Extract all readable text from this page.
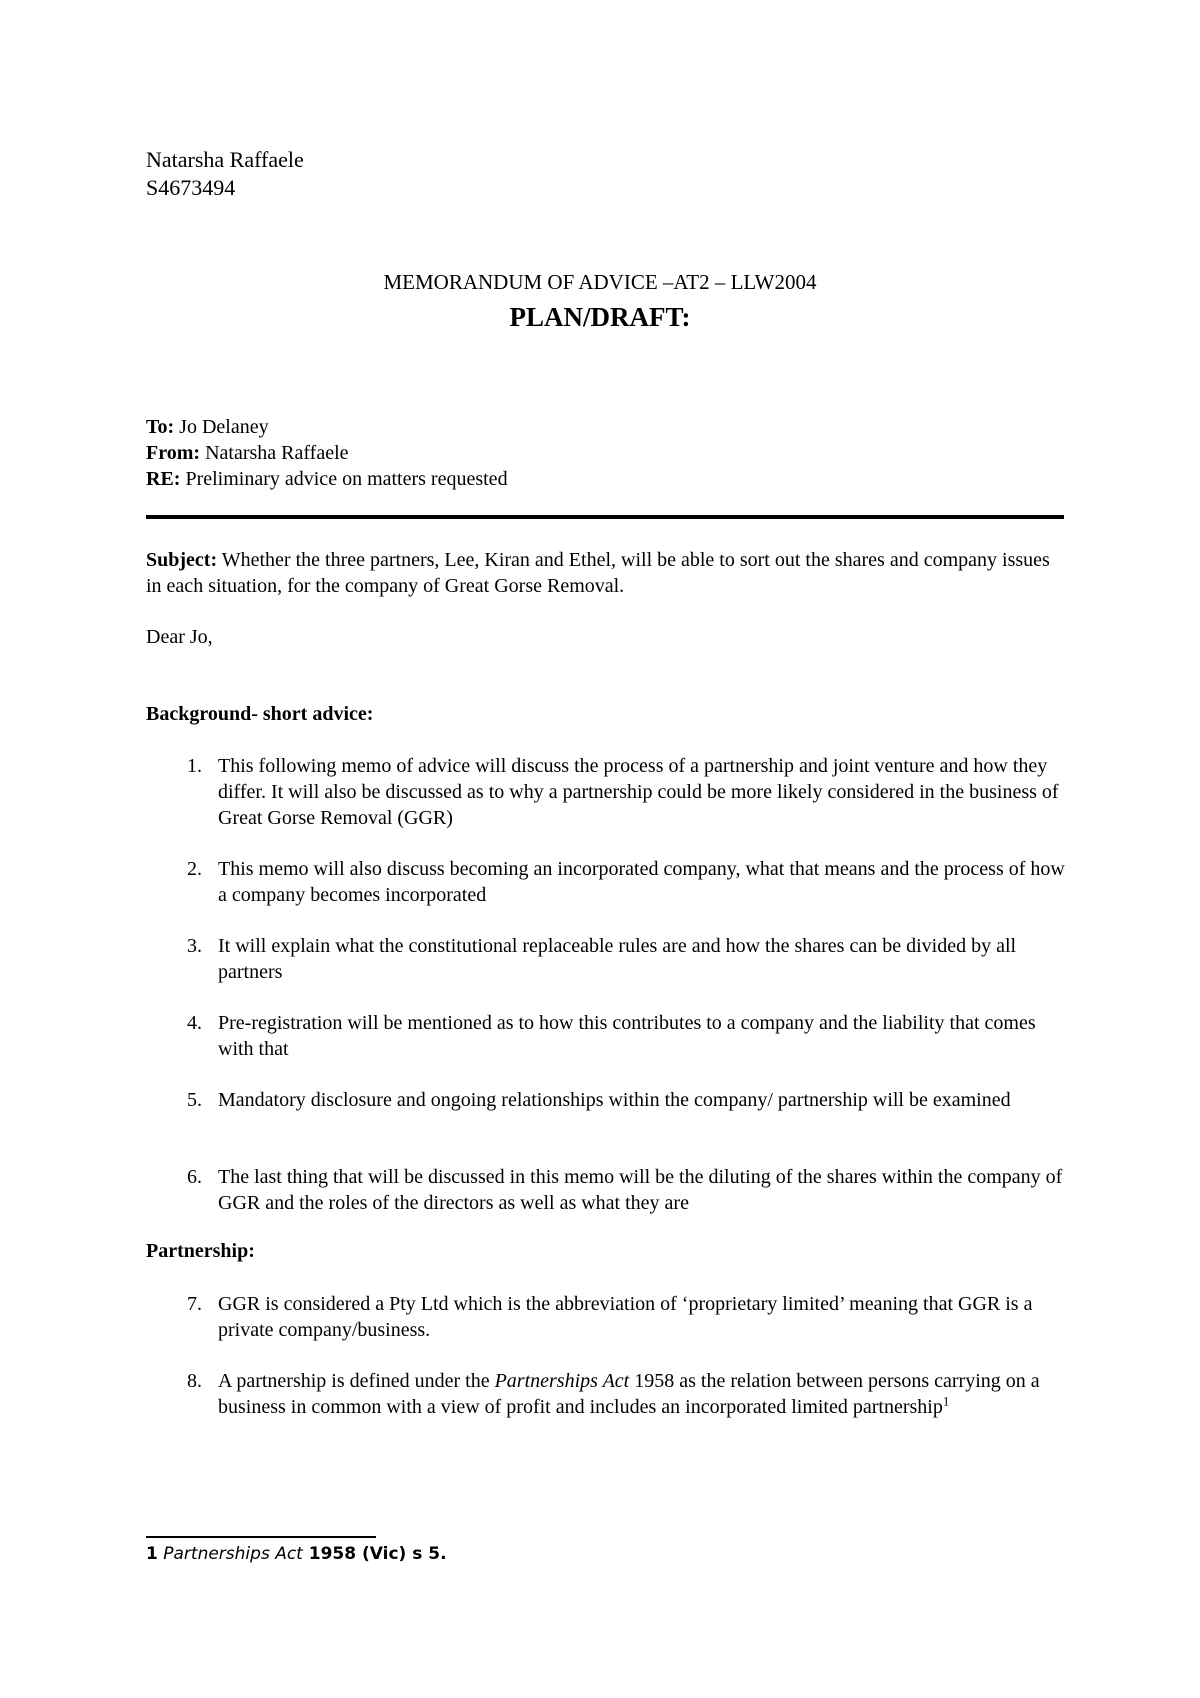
Natarsha Raffaele
S4673494
MEMORANDUM OF ADVICE –AT2 – LLW2004
PLAN/DRAFT:
To: Jo Delaney
From: Natarsha Raffaele
RE: Preliminary advice on matters requested
Subject: Whether the three partners, Lee, Kiran and Ethel, will be able to sort out the shares and company issues in each situation, for the company of Great Gorse Removal.
Dear Jo,
Background- short advice:
1. This following memo of advice will discuss the process of a partnership and joint venture and how they differ. It will also be discussed as to why a partnership could be more likely considered in the business of Great Gorse Removal (GGR)
2. This memo will also discuss becoming an incorporated company, what that means and the process of how a company becomes incorporated
3. It will explain what the constitutional replaceable rules are and how the shares can be divided by all partners
4. Pre-registration will be mentioned as to how this contributes to a company and the liability that comes with that
5. Mandatory disclosure and ongoing relationships within the company/ partnership will be examined
6. The last thing that will be discussed in this memo will be the diluting of the shares within the company of GGR and the roles of the directors as well as what they are
Partnership:
7. GGR is considered a Pty Ltd which is the abbreviation of ‘proprietary limited’ meaning that GGR is a private company/business.
8. A partnership is defined under the Partnerships Act 1958 as the relation between persons carrying on a business in common with a view of profit and includes an incorporated limited partnership$^1$
1 Partnerships Act 1958 (Vic) s 5.
